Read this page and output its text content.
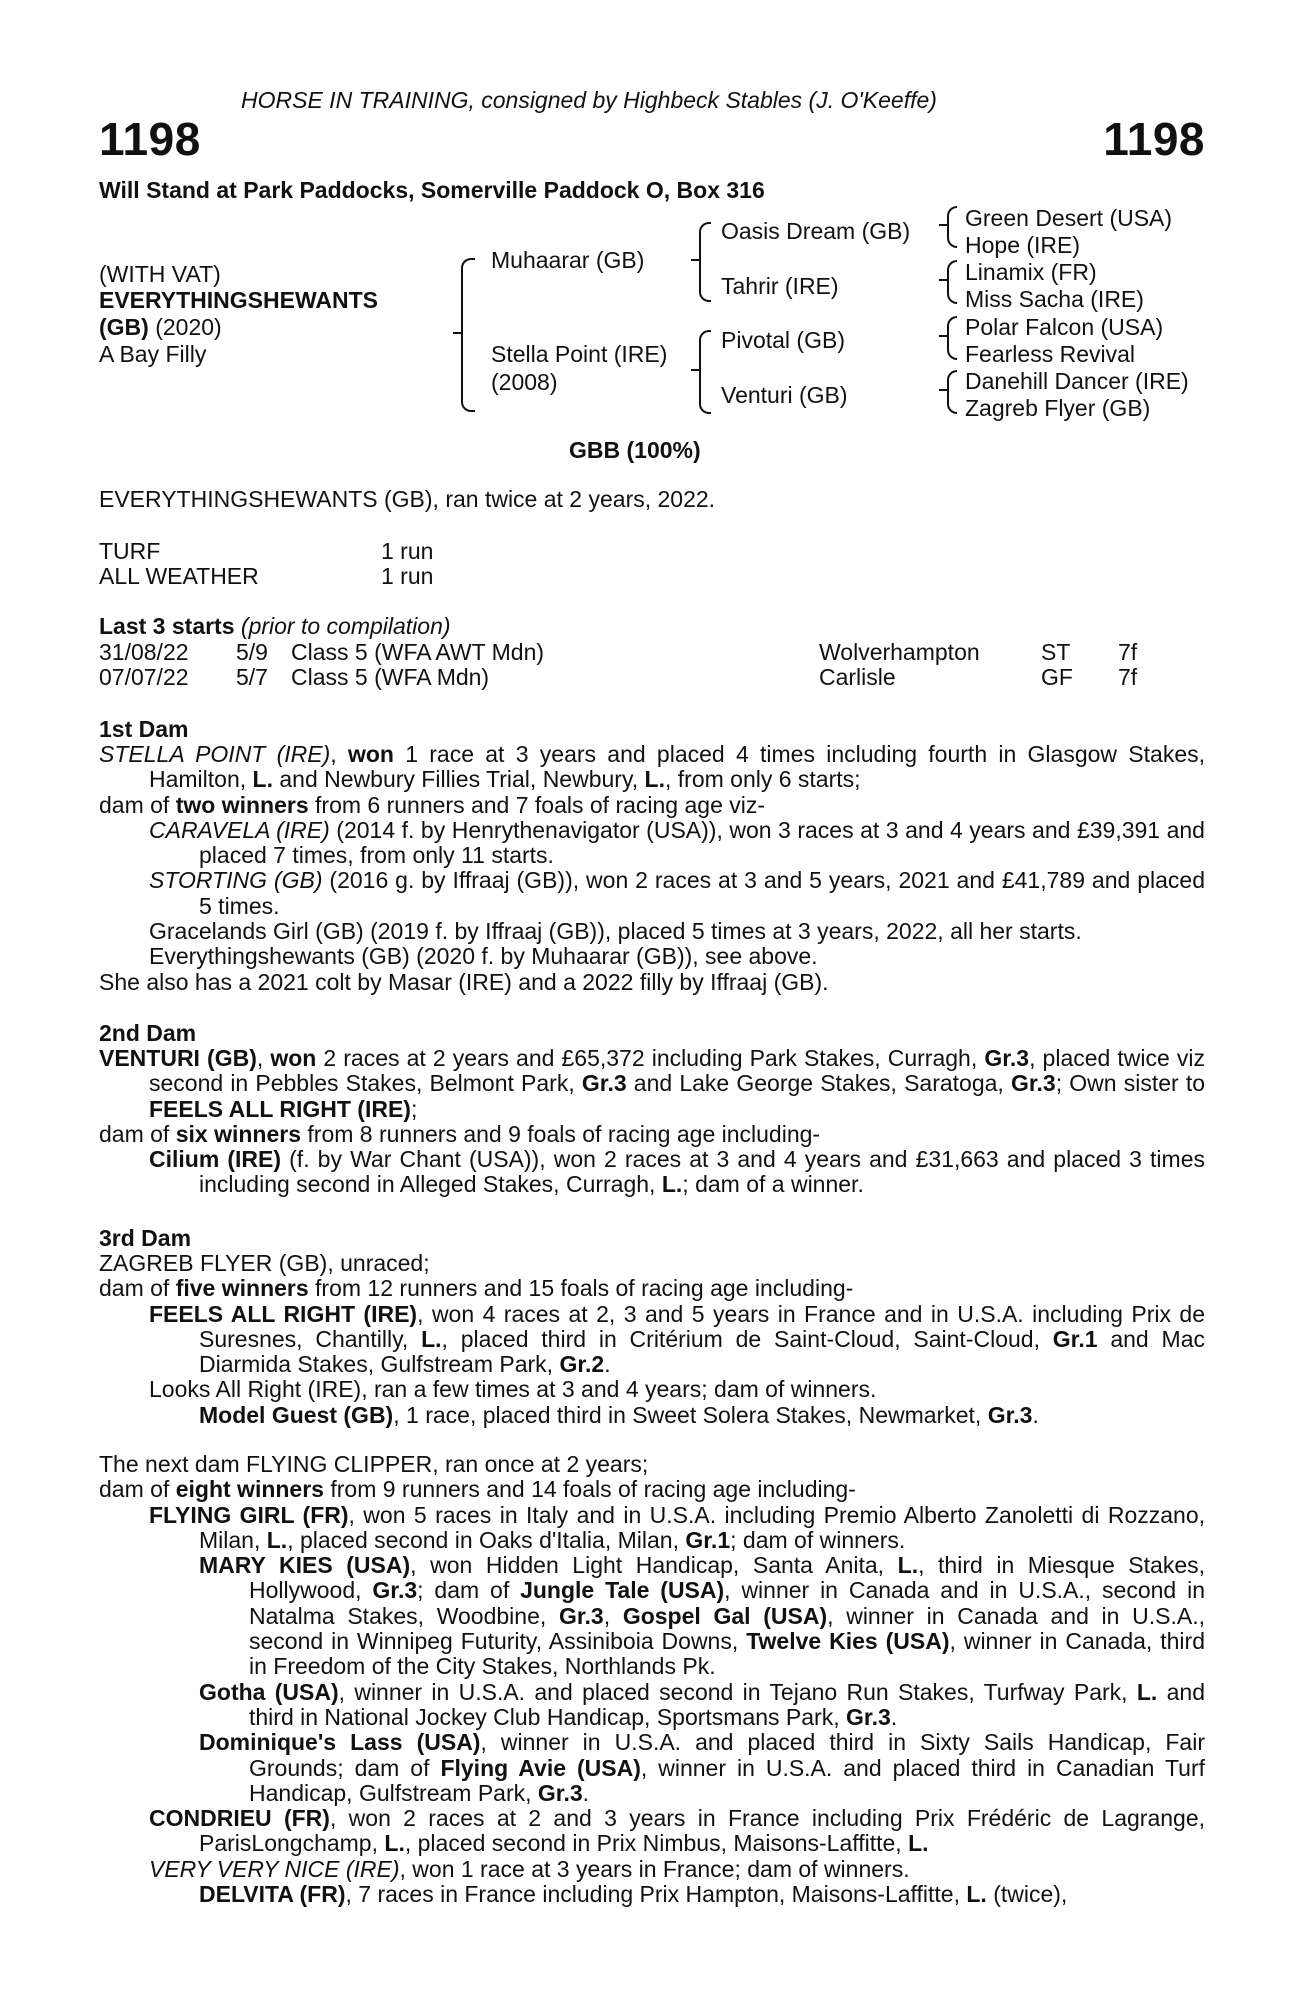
HORSE IN TRAINING, consigned by Highbeck Stables (J. O'Keeffe)
1198	1198
Will Stand at Park Paddocks, Somerville Paddock O, Box 316
(WITH VAT)
EVERYTHINGSHEWANTS
(GB) (2020)
A Bay Filly
Muhaarar (GB)
Stella Point (IRE)
(2008)
Oasis Dream (GB)
Tahrir (IRE)
Pivotal (GB)
Venturi (GB)
Green Desert (USA)
Hope (IRE)
Linamix (FR)
Miss Sacha (IRE)
Polar Falcon (USA)
Fearless Revival
Danehill Dancer (IRE)
Zagreb Flyer (GB)
GBB (100%)
EVERYTHINGSHEWANTS (GB), ran twice at 2 years, 2022.
TURF	1 run
ALL WEATHER	1 run
Last 3 starts (prior to compilation)
31/08/22 5/9 Class 5 (WFA AWT Mdn)	Wolverhampton	ST 7f
07/07/22 5/7 Class 5 (WFA Mdn)	Carlisle	GF 7f
1st Dam

STELLA POINT (IRE), won 1 race at 3 years and placed 4 times including fourth in Glasgow Stakes, Hamilton, L. and Newbury Fillies Trial, Newbury, L., from only 6 starts;

dam of two winners from 6 runners and 7 foals of racing age viz-

CARAVELA (IRE) (2014 f. by Henrythenavigator (USA)), won 3 races at 3 and 4 years and £39,391 and placed 7 times, from only 11 starts.

STORTING (GB) (2016 g. by Iffraaj (GB)), won 2 races at 3 and 5 years, 2021 and £41,789 and placed 5 times.

Gracelands Girl (GB) (2019 f. by Iffraaj (GB)), placed 5 times at 3 years, 2022, all her starts.

Everythingshewants (GB) (2020 f. by Muhaarar (GB)), see above.

She also has a 2021 colt by Masar (IRE) and a 2022 filly by Iffraaj (GB).

2nd Dam

VENTURI (GB), won 2 races at 2 years and £65,372 including Park Stakes, Curragh, Gr.3, placed twice viz second in Pebbles Stakes, Belmont Park, Gr.3 and Lake George Stakes, Saratoga, Gr.3; Own sister to FEELS ALL RIGHT (IRE);

dam of six winners from 8 runners and 9 foals of racing age including-

Cilium (IRE) (f. by War Chant (USA)), won 2 races at 3 and 4 years and £31,663 and placed 3 times including second in Alleged Stakes, Curragh, L.; dam of a winner.

3rd Dam

ZAGREB FLYER (GB), unraced;

dam of five winners from 12 runners and 15 foals of racing age including-

FEELS ALL RIGHT (IRE), won 4 races at 2, 3 and 5 years in France and in U.S.A. including Prix de Suresnes, Chantilly, L., placed third in Critérium de Saint-Cloud, Saint-Cloud, Gr.1 and Mac Diarmida Stakes, Gulfstream Park, Gr.2.

Looks All Right (IRE), ran a few times at 3 and 4 years; dam of winners.

Model Guest (GB), 1 race, placed third in Sweet Solera Stakes, Newmarket, Gr.3.

The next dam FLYING CLIPPER, ran once at 2 years;

dam of eight winners from 9 runners and 14 foals of racing age including-

FLYING GIRL (FR), won 5 races in Italy and in U.S.A. including Premio Alberto Zanoletti di Rozzano, Milan, L., placed second in Oaks d'Italia, Milan, Gr.1; dam of winners.

MARY KIES (USA), won Hidden Light Handicap, Santa Anita, L., third in Miesque Stakes, Hollywood, Gr.3; dam of Jungle Tale (USA), winner in Canada and in U.S.A., second in Natalma Stakes, Woodbine, Gr.3, Gospel Gal (USA), winner in Canada and in U.S.A., second in Winnipeg Futurity, Assiniboia Downs, Twelve Kies (USA), winner in Canada, third in Freedom of the City Stakes, Northlands Pk.

Gotha (USA), winner in U.S.A. and placed second in Tejano Run Stakes, Turfway Park, L. and third in National Jockey Club Handicap, Sportsmans Park, Gr.3.

Dominique's Lass (USA), winner in U.S.A. and placed third in Sixty Sails Handicap, Fair Grounds; dam of Flying Avie (USA), winner in U.S.A. and placed third in Canadian Turf Handicap, Gulfstream Park, Gr.3.

CONDRIEU (FR), won 2 races at 2 and 3 years in France including Prix Frédéric de Lagrange, ParisLongchamp, L., placed second in Prix Nimbus, Maisons-Laffitte, L.

VERY VERY NICE (IRE), won 1 race at 3 years in France; dam of winners.

DELVITA (FR), 7 races in France including Prix Hampton, Maisons-Laffitte, L. (twice),
